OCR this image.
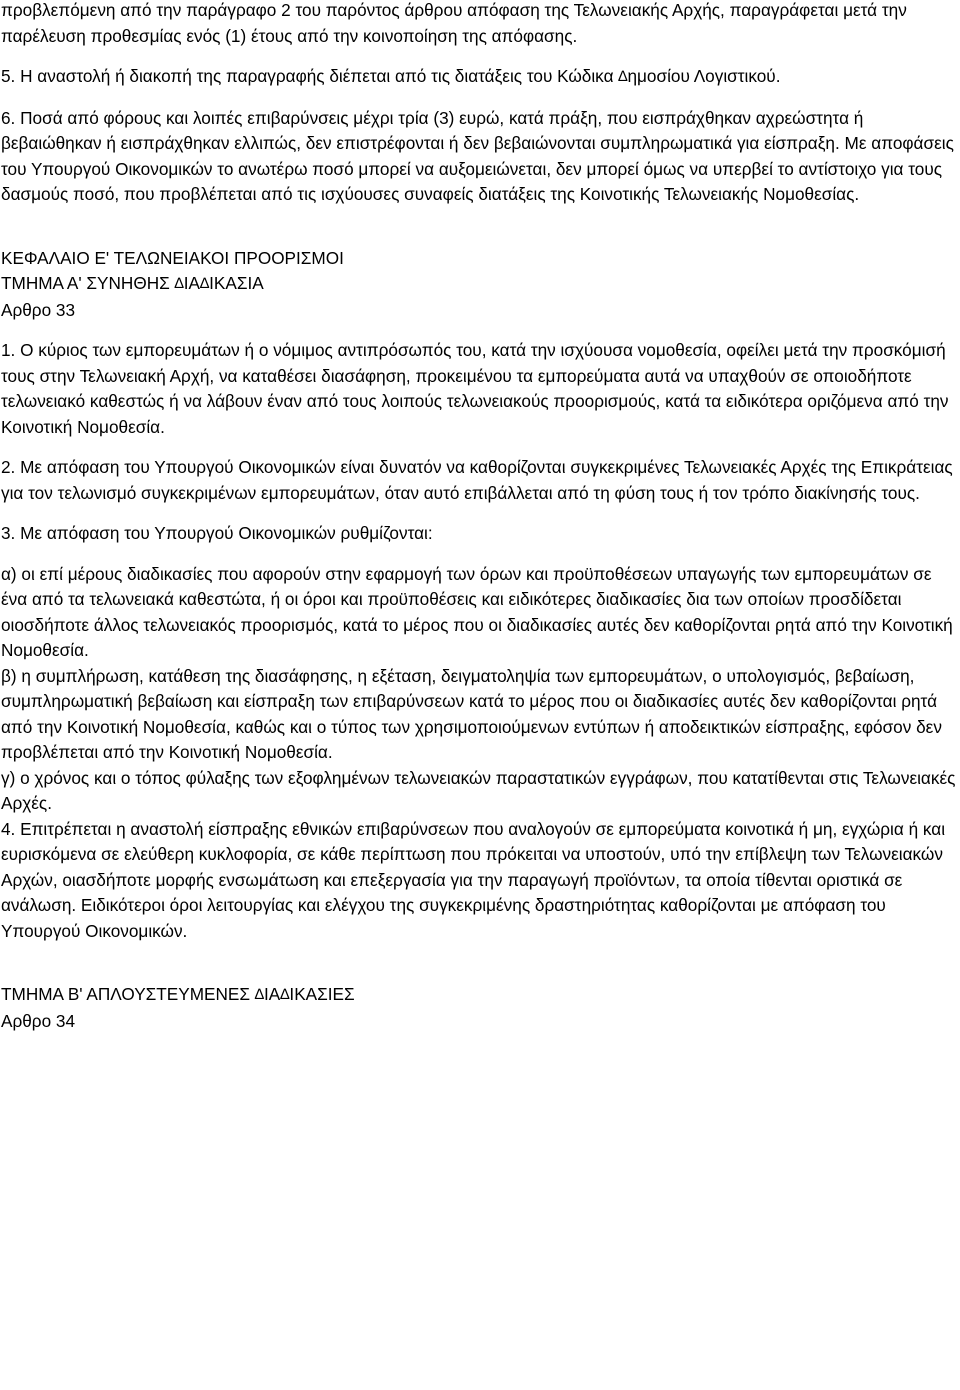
προβλεπόμενη από την παράγραφο 2 του παρόντος άρθρου απόφαση της Τελωνειακής Αρχής, παραγράφεται μετά την παρέλευση προθεσμίας ενός (1) έτους από την κοινοποίηση της απόφασης.

5. Η αναστολή ή διακοπή της παραγραφής διέπεται από τις διατάξεις του Κώδικα ∆ημοσίου Λογιστικού.

6. Ποσά από φόρους και λοιπές επιβαρύνσεις μέχρι τρία (3) ευρώ, κατά πράξη, που εισπράχθηκαν αχρεώστητα ή βεβαιώθηκαν ή εισπράχθηκαν ελλιπώς, δεν επιστρέφονται ή δεν βεβαιώνονται συμπληρωματικά για είσπραξη. Με αποφάσεις του Υπουργού Οικονομικών το ανωτέρω ποσό μπορεί να αυξομειώνεται, δεν μπορεί όμως να υπερβεί το αντίστοιχο για τους δασμούς ποσό, που προβλέπεται από τις ισχύουσες συναφείς διατάξεις της Κοινοτικής Τελωνειακής Νομοθεσίας.

ΚΕΦΑΛΑΙΟ Ε' ΤΕΛΩΝΕΙΑΚΟΙ ΠΡΟΟΡΙΣΜΟΙ

ΤΜΗΜΑ Α' ΣΥΝΗΘΗΣ ∆ΙΑ∆ΙΚΑΣΙΑ

Αρθρο 33

1. Ο κύριος των εμπορευμάτων ή ο νόμιμος αντιπρόσωπός του, κατά την ισχύουσα νομοθεσία, οφείλει μετά την προσκόμισή τους στην Τελωνειακή Αρχή, να καταθέσει διασάφηση, προκειμένου τα εμπορεύματα αυτά να υπαχθούν σε οποιοδήποτε τελωνειακό καθεστώς ή να λάβουν έναν από τους λοιπούς τελωνειακούς προορισμούς, κατά τα ειδικότερα οριζόμενα από την Κοινοτική Νομοθεσία.

2. Με απόφαση του Υπουργού Οικονομικών είναι δυνατόν να καθορίζονται συγκεκριμένες Τελωνειακές Αρχές της Επικράτειας για τον τελωνισμό συγκεκριμένων εμπορευμάτων, όταν αυτό επιβάλλεται από τη φύση τους ή τον τρόπο διακίνησής τους.

3. Με απόφαση του Υπουργού Οικονομικών ρυθμίζονται:

α) οι επί μέρους διαδικασίες που αφορούν στην εφαρμογή των όρων και προϋποθέσεων υπαγωγής των εμπορευμάτων σε ένα από τα τελωνειακά καθεστώτα, ή οι όροι και προϋποθέσεις και ειδικότερες διαδικασίες δια των οποίων προσδίδεται οιοσδήποτε άλλος τελωνειακός προορισμός, κατά το μέρος που οι διαδικασίες αυτές δεν καθορίζονται ρητά από την Κοινοτική Νομοθεσία.

β) η συμπλήρωση, κατάθεση της διασάφησης, η εξέταση, δειγματοληψία των εμπορευμάτων, ο υπολογισμός, βεβαίωση, συμπληρωματική βεβαίωση και είσπραξη των επιβαρύνσεων κατά το μέρος που οι διαδικασίες αυτές δεν καθορίζονται ρητά από την Κοινοτική Νομοθεσία, καθώς και ο τύπος των χρησιμοποιούμενων εντύπων ή αποδεικτικών είσπραξης, εφόσον δεν προβλέπεται από την Κοινοτική Νομοθεσία.

γ) ο χρόνος και ο τόπος φύλαξης των εξοφλημένων τελωνειακών παραστατικών εγγράφων, που κατατίθενται στις Τελωνειακές Αρχές.

4. Επιτρέπεται η αναστολή είσπραξης εθνικών επιβαρύνσεων που αναλογούν σε εμπορεύματα κοινοτικά ή μη, εγχώρια ή και ευρισκόμενα σε ελεύθερη κυκλοφορία, σε κάθε περίπτωση που πρόκειται να υποστούν, υπό την επίβλεψη των Τελωνειακών Αρχών, οιασδήποτε μορφής ενσωμάτωση και επεξεργασία για την παραγωγή προϊόντων, τα οποία τίθενται οριστικά σε ανάλωση. Ειδικότεροι όροι λειτουργίας και ελέγχου της συγκεκριμένης δραστηριότητας καθορίζονται με απόφαση του Υπουργού Οικονομικών.

ΤΜΗΜΑ Β' ΑΠΛΟΥΣΤΕΥΜΕΝΕΣ ∆ΙΑ∆ΙΚΑΣΙΕΣ

Αρθρο 34
